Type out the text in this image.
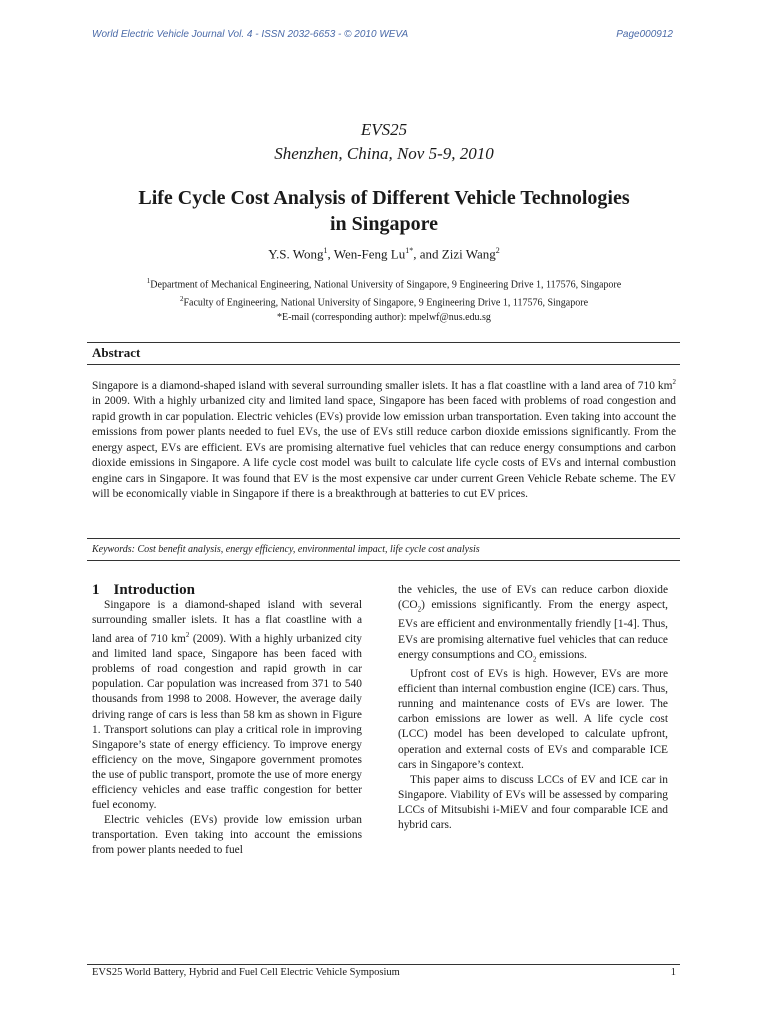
World Electric Vehicle Journal Vol. 4 - ISSN 2032-6653 - © 2010 WEVA	Page000912
EVS25
Shenzhen, China, Nov 5-9, 2010
Life Cycle Cost Analysis of Different Vehicle Technologies
in Singapore
Y.S. Wong$^1$, Wen-Feng $Lu^{1*}$, and Zizi Wang$^2$
$^1$Department of Mechanical Engineering, National University of Singapore, 9 Engineering Drive 1, 117576, Singapore
$^2$Faculty of Engineering, National University of Singapore, 9 Engineering Drive 1, 117576, Singapore
*E-mail (corresponding author): mpelwf@nus.edu.sg
Abstract
Singapore is a diamond-shaped island with several surrounding smaller islets. It has a flat coastline with a land area of 710 $km^2$ in 2009. With a highly urbanized city and limited land space, Singapore has been faced with problems of road congestion and rapid growth in car population. Electric vehicles (EVs) provide low emission urban transportation. Even taking into account the emissions from power plants needed to fuel EVs, the use of EVs still reduce carbon dioxide emissions significantly. From the energy aspect, EVs are efficient. EVs are promising alternative fuel vehicles that can reduce energy consumptions and carbon dioxide emissions in Singapore. A life cycle cost model was built to calculate life cycle costs of EVs and internal combustion engine cars in Singapore. It was found that EV is the most expensive car under current Green Vehicle Rebate scheme. The EV will be economically viable in Singapore if there is a breakthrough at batteries to cut EV prices.
Keywords: Cost benefit analysis, energy efficiency, environmental impact, life cycle cost analysis

1 Introduction

Singapore is a diamond-shaped island with several surrounding smaller islets. It has a flat coastline with a land area of 710 $km^2$ (2009). With a highly urbanized city and limited land space, Singapore has been faced with problems of road congestion and rapid growth in car population. Car population was increased from 371 to 540 thousands from 1998 to 2008. However, the average daily driving range of cars is less than 58 km as shown in Figure 1. Transport solutions can play a critical role in improving Singapore’s state of energy efficiency. To improve energy efficiency on the move, Singapore government promotes the use of public transport, promote the use of more energy efficiency vehicles and ease traffic congestion for better fuel economy.

Electric vehicles (EVs) provide low emission urban transportation. Even taking into account the emissions from power plants needed to fuel

the vehicles, the use of EVs can reduce carbon dioxide $(CO_2)$ emissions significantly. From the energy aspect, EVs are efficient and environmentally friendly [1-4]. Thus, EVs are promising alternative fuel vehicles that can reduce energy consumptions and $CO_2$ emissions.

Upfront cost of EVs is high. However, EVs are more efficient than internal combustion engine (ICE) cars. Thus, running and maintenance costs of EVs are lower. The carbon emissions are lower as well. A life cycle cost (LCC) model has been developed to calculate upfront, operation and external costs of EVs and comparable ICE cars in Singapore’s context.

This paper aims to discuss LCCs of EV and ICE car in Singapore. Viability of EVs will be assessed by comparing LCCs of Mitsubishi i-MiEV and four comparable ICE and hybrid cars.

EVS25 World Battery, Hybrid and Fuel Cell Electric Vehicle Symposium	1
